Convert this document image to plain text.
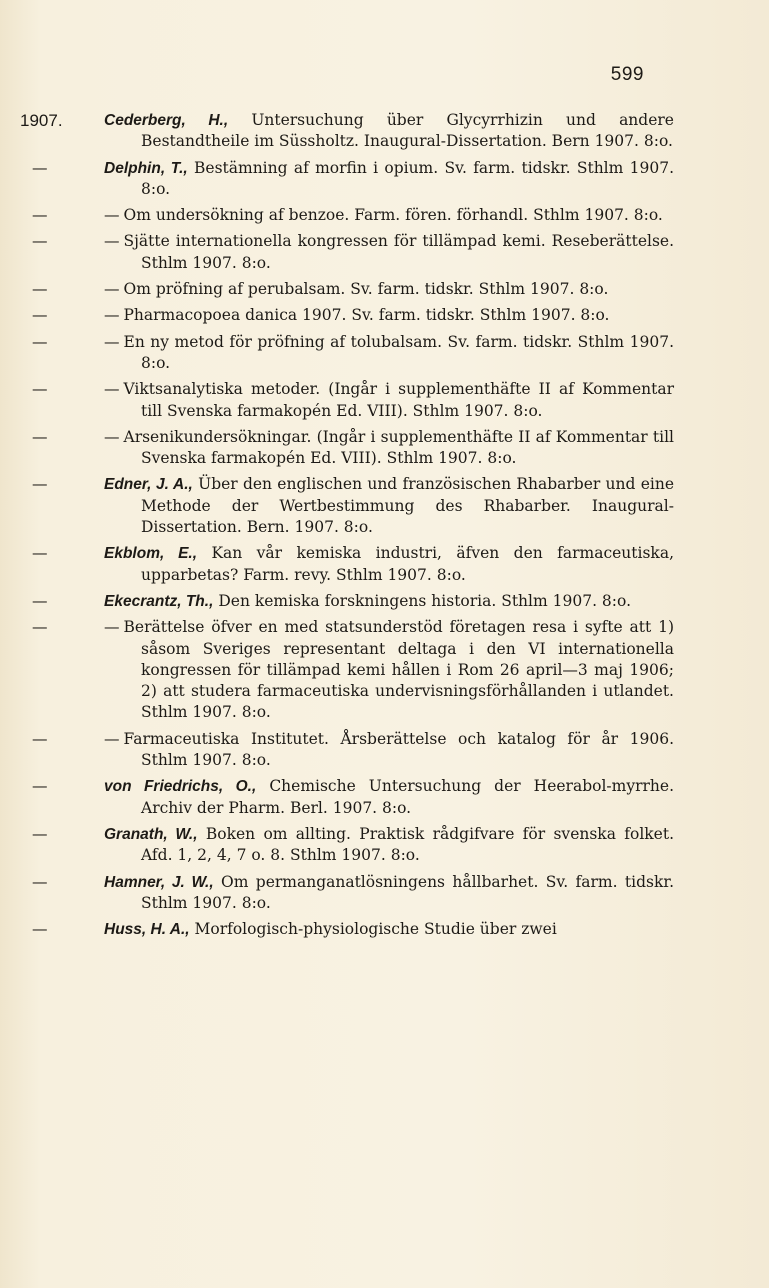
599
1907.	Cederberg, H., Untersuchung über Glycyrrhizin und andere Bestandtheile im Süssholtz. Inaugural-Dissertation. Bern 1907. 8:o.
—	Delphin, T., Bestämning af morfin i opium. Sv. farm. tidskr. Sthlm 1907. 8:o.
—	— Om undersökning af benzoe. Farm. fören. förhandl. Sthlm 1907. 8:o.
—	— Sjätte internationella kongressen för tillämpad kemi. Reseberättelse. Sthlm 1907. 8:o.
—	— Om pröfning af perubalsam. Sv. farm. tidskr. Sthlm 1907. 8:o.
—	— Pharmacopoea danica 1907. Sv. farm. tidskr. Sthlm 1907. 8:o.
—	— En ny metod för pröfning af tolubalsam. Sv. farm. tidskr. Sthlm 1907. 8:o.
—	— Viktsanalytiska metoder. (Ingår i supplementhäfte II af Kommentar till Svenska farmakopén Ed. VIII). Sthlm 1907. 8:o.
—	— Arsenikundersökningar. (Ingår i supplementhäfte II af Kommentar till Svenska farmakopén Ed. VIII). Sthlm 1907. 8:o.
—	Edner, J. A., Über den englischen und französischen Rhabarber und eine Methode der Wertbestimmung des Rhabarber. Inaugural-Dissertation. Bern. 1907. 8:o.
—	Ekblom, E., Kan vår kemiska industri, äfven den farmaceutiska, upparbetas? Farm. revy. Sthlm 1907. 8:o.
—	Ekecrantz, Th., Den kemiska forskningens historia. Sthlm 1907. 8:o.
—	— Berättelse öfver en med statsunderstöd företagen resa i syfte att 1) såsom Sveriges representant deltaga i den VI internationella kongressen för tillämpad kemi hållen i Rom 26 april—3 maj 1906; 2) att studera farmaceutiska undervisningsförhållanden i utlandet. Sthlm 1907. 8:o.
—	— Farmaceutiska Institutet. Årsberättelse och katalog för år 1906. Sthlm 1907. 8:o.
—	von Friedrichs, O., Chemische Untersuchung der Heerabol-myrrhe. Archiv der Pharm. Berl. 1907. 8:o.
—	Granath, W., Boken om allting. Praktisk rådgifvare för svenska folket. Afd. 1, 2, 4, 7 o. 8. Sthlm 1907. 8:o.
—	Hamner, J. W., Om permanganatlösningens hållbarhet. Sv. farm. tidskr. Sthlm 1907. 8:o.
—	Huss, H. A., Morfologisch-physiologische Studie über zwei
